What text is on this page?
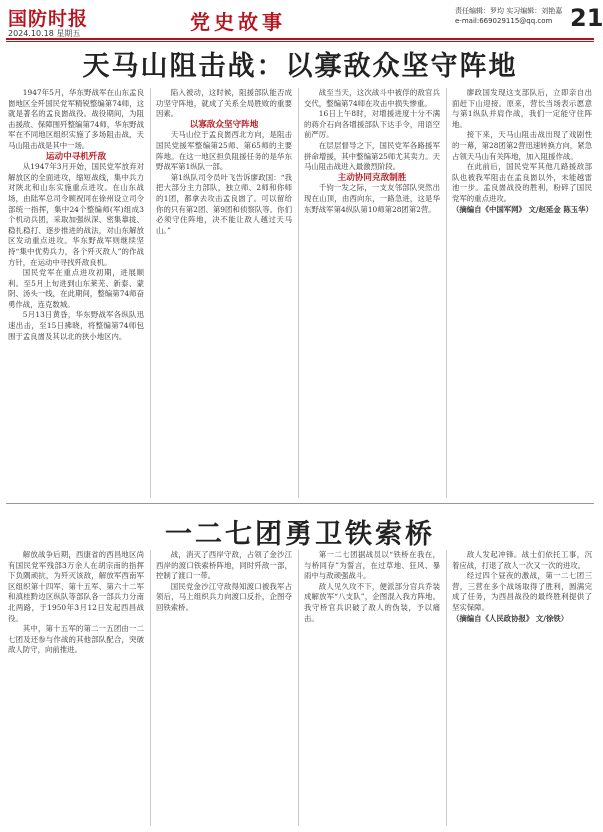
国防时报
2024.10.18 星期五	党史故事	责任编辑：罗均 实习编辑：刘艳嘉
e-mail:669029115@qq.com 21
天马山阻击战：以寡敌众坚守阵地

1947年5月，华东野战军在山东孟良崮地区全歼国民党军精锐整编第74师，这就是著名的孟良崮战役。战役期间，为阻击援敌、保障围歼整编第74师，华东野战军在不同地区组织实施了多场阻击战，天马山阻击战是其中一场。

运动中寻机歼敌

从1947年3月开始，国民党军放弃对解放区的全面进攻，缩短战线，集中兵力对陕北和山东实施重点进攻。在山东战场，由陆军总司令顾祝同在徐州设立司令部统一指挥，集中24个整编师(军)组成3个机动兵团，采取加强纵深、密集靠拢、稳扎稳打、逐步推进的战法，对山东解放区发动重点进攻。华东野战军则继续坚持“集中优势兵力，各个歼灭敌人”的作战方针，在运动中寻找歼敌良机。

国民党军在重点进攻初期，进展顺利。至5月上旬进到山东莱芜、新泰、蒙阴、汤头一线，在此期间，整编第74师奋勇作战，连克数城。

5月13日黄昏，华东野战军各纵队迅速出击，至15日拂晓，将整编第74师包围于孟良崮及其以北的狭小地区内。

陷入被动，这时候，阻援部队能否成功坚守阵地，就成了关系全局胜败的重要因素。

以寡敌众坚守阵地

天马山位于孟良崮西北方向，是阻击国民党援军整编第25师、第65师的主要阵地。在这一地区担负阻援任务的是华东野战军第1纵队一部。

第1纵队司令员叶飞告诉廖政国：“我把大部分主力部队，独立师、2师和你师的1团，都拿去攻击孟良崮了。可以留给你的只有第2团、第9团和侦察队等。你们必须守住阵地，决不能让敌人越过天马山。”

战至当天，这次战斗中被俘的敌官兵交代，整编第74师在攻击中损失惨重。

16日上午8时，对增援进度十分不满的蒋介石向各增援部队下达手令，用语空前严厉。

在层层督导之下，国民党军各路援军拼命增援，其中整编第25师尤其卖力。天马山阻击战进入最激烈阶段。

主动协同克敌制胜

千钧一发之际，一支友邻部队突然出现在山顶，由西向东，一路急进，这是华东野战军第4纵队第10师第28团第2营。

廖政国发现这支部队后，立即亲自出面赶下山迎接。原来，营长当场表示愿意与第1纵队并肩作战，我们一定能守住阵地。

接下来，天马山阻击战出现了戏剧性的一幕，第28团第2营迅速转换方向，紧急占领天马山有关阵地，加入阻援作战。

在此前后，国民党军其他几路援敌部队也被我军阻击在孟良崮以外，未能越雷池一步。孟良崮战役的胜利，粉碎了国民党军的重点进攻。

（摘编自《中国军网》 文/赵延金 陈玉华）

一二七团勇卫铁索桥

解放战争后期，西康省的西昌地区尚有国民党军残部3万余人在胡宗南的指挥下负隅顽抗，为歼灭该敌，解放军西南军区组织第十四军、第十五军、第六十二军和滇桂黔边区纵队等部队各一部兵力分南北两路，于1950年3月12日发起西昌战役。

其中，第十五军的第二一五团由一二七团及还参与作战的其他部队配合，突破敌人防守，向前推进。

战，消灭了西岸守敌，占领了金沙江西岸的渡口铁索桥阵地，同时歼敌一部，控制了渡口一带。

国民党金沙江守敌得知渡口被我军占领后，马上组织兵力向渡口反扑，企图夺回铁索桥。

第一二七团据战员以“铁桥在我在，与桥同存”为誓言，在过草地、狂风、暴雨中与敌顽强战斗。

敌人见久攻不下，便派部分官兵乔装成解放军“八支队”，企图混入我方阵地。我守桥官兵识破了敌人的伪装，予以痛击。

敌人发起冲锋。战士们依托工事，沉着应战，打退了敌人一次又一次的进攻。

经过四个昼夜的激战，第一二七团三营，三营在多个战场取得了胜利，圆满完成了任务，为西昌战役的最终胜利提供了坚实保障。

（摘编自《人民政协报》 文/徐铁）
